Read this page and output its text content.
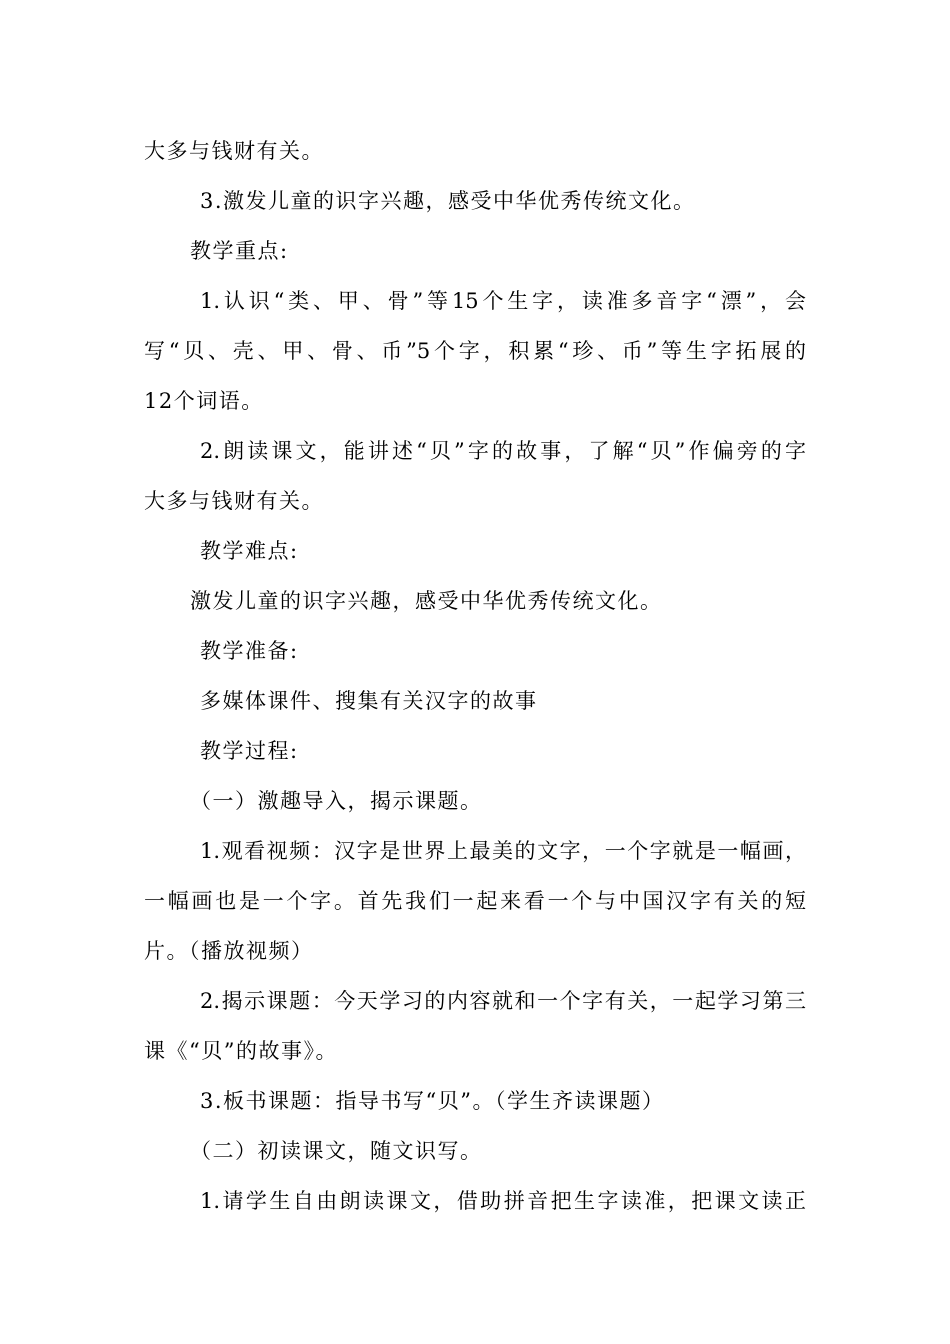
大多与钱财有关。
3.激发儿童的识字兴趣，感受中华优秀传统文化。
教学重点:
1.认识“类、甲、骨”等15个生字，读准多音字“漂”，会
写“贝、壳、甲、骨、币”5个字，积累“珍、币”等生字拓展的
12个词语。
2.朗读课文，能讲述“贝”字的故事，了解“贝”作偏旁的字
大多与钱财有关。
教学难点:
激发儿童的识字兴趣，感受中华优秀传统文化。
教学准备:
多媒体课件、搜集有关汉字的故事
教学过程:
（一）激趣导入，揭示课题。
1.观看视频：汉字是世界上最美的文字，一个字就是一幅画，
一幅画也是一个字。首先我们一起来看一个与中国汉字有关的短
片。（播放视频）
2.揭示课题：今天学习的内容就和一个字有关，一起学习第三
课《“贝”的故事》。
3.板书课题：指导书写“贝”。（学生齐读课题）
（二）初读课文，随文识写。
1.请学生自由朗读课文，借助拼音把生字读准，把课文读正
